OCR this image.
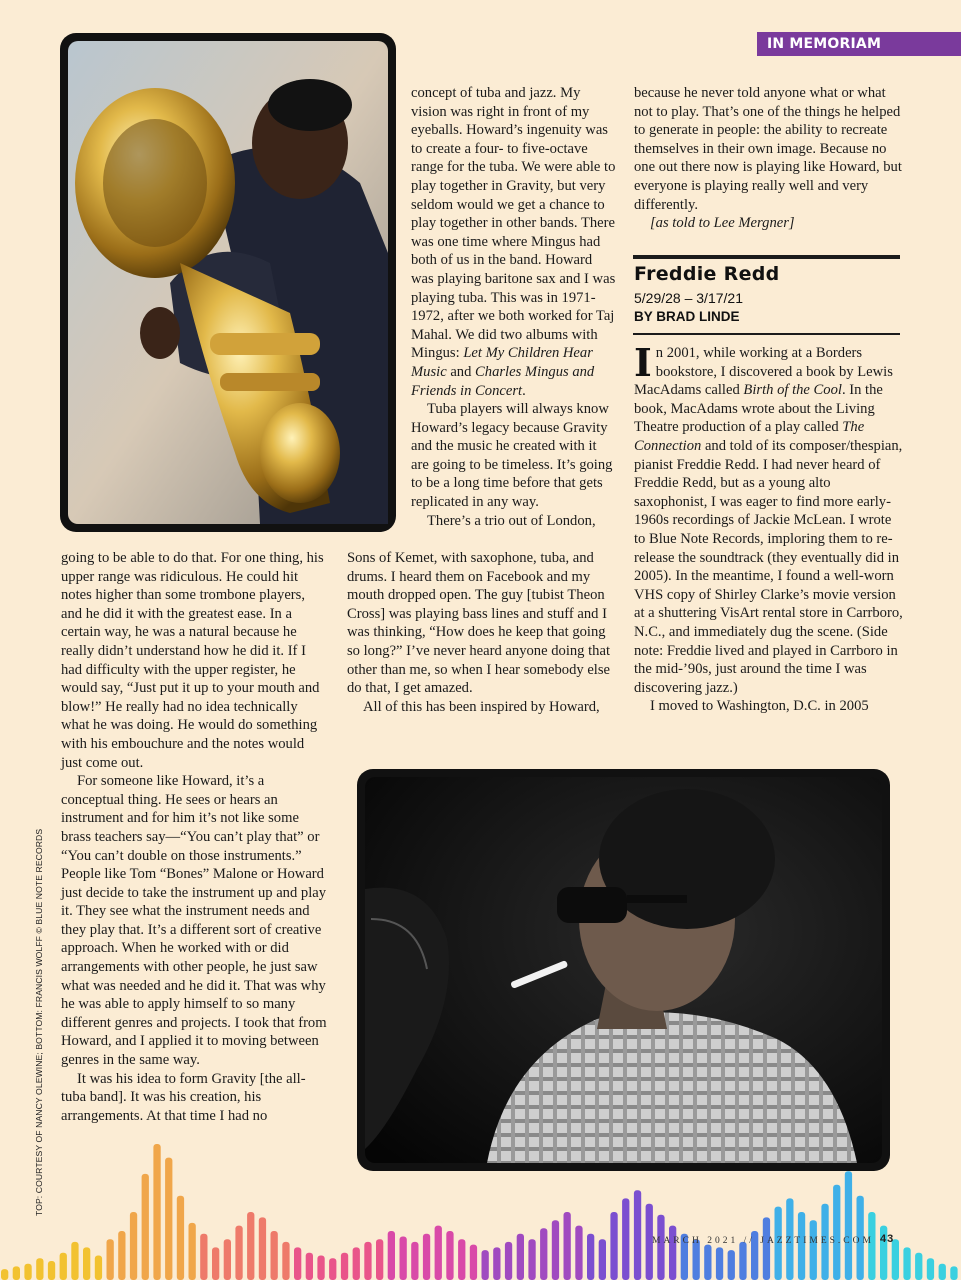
IN MEMORIAM

concept of tuba and jazz. My vision was right in front of my eyeballs. Howard’s ingenuity was to create a four- to five-octave range for the tuba. We were able to play together in Gravity, but very seldom would we get a chance to play together in other bands. There was one time where Mingus had both of us in the band. Howard was playing baritone sax and I was playing tuba. This was in 1971-1972, after we both worked for Taj Mahal. We did two albums with Mingus: Let My Children Hear Music and Charles Mingus and Friends in Concert.

Tuba players will always know Howard’s legacy because Gravity and the music he created with it are going to be timeless. It’s going to be a long time before that gets replicated in any way.

There’s a trio out of London,

Sons of Kemet, with saxophone, tuba, and drums. I heard them on Facebook and my mouth dropped open. The guy [tubist Theon Cross] was playing bass lines and stuff and I was thinking, “How does he keep that going so long?” I’ve never heard anyone doing that other than me, so when I hear somebody else do that, I get amazed.

All of this has been inspired by Howard,

going to be able to do that. For one thing, his upper range was ridiculous. He could hit notes higher than some trombone players, and he did it with the greatest ease. In a certain way, he was a natural because he really didn’t understand how he did it. If I had difficulty with the upper register, he would say, “Just put it up to your mouth and blow!” He really had no idea technically what he was doing. He would do something with his embouchure and the notes would just come out.

For someone like Howard, it’s a conceptual thing. He sees or hears an instrument and for him it’s not like some brass teachers say—“You can’t play that” or “You can’t double on those instruments.” People like Tom “Bones” Malone or Howard just decide to take the instrument up and play it. They see what the instrument needs and they play that. It’s a different sort of creative approach. When he worked with or did arrangements with other people, he just saw what was needed and he did it. That was why he was able to apply himself to so many different genres and projects. I took that from Howard, and I applied it to moving between genres in the same way.

It was his idea to form Gravity [the all-tuba band]. It was his creation, his arrangements. At that time I had no

because he never told anyone what or what not to play. That’s one of the things he helped to generate in people: the ability to recreate themselves in their own image. Because no one out there now is playing like Howard, but everyone is playing really well and very differently.

[as told to Lee Mergner]

Freddie Redd
5/29/28 – 3/17/21
BY BRAD LINDE

In 2001, while working at a Borders bookstore, I discovered a book by Lewis MacAdams called Birth of the Cool. In the book, MacAdams wrote about the Living Theatre production of a play called The Connection and told of its composer/thespian, pianist Freddie Redd. I had never heard of Freddie Redd, but as a young alto saxophonist, I was eager to find more early-1960s recordings of Jackie McLean. I wrote to Blue Note Records, imploring them to re-release the soundtrack (they eventually did in 2005). In the meantime, I found a well-worn VHS copy of Shirley Clarke’s movie version at a shuttering VisArt rental store in Carrboro, N.C., and immediately dug the scene. (Side note: Freddie lived and played in Carrboro in the mid-’90s, just around the time I was discovering jazz.)

I moved to Washington, D.C. in 2005

TOP: COURTESY OF NANCY OLEWINE; BOTTOM: FRANCIS WOLFF © BLUE NOTE RECORDS
MARCH 2021 // JAZZTIMES.COM 43
